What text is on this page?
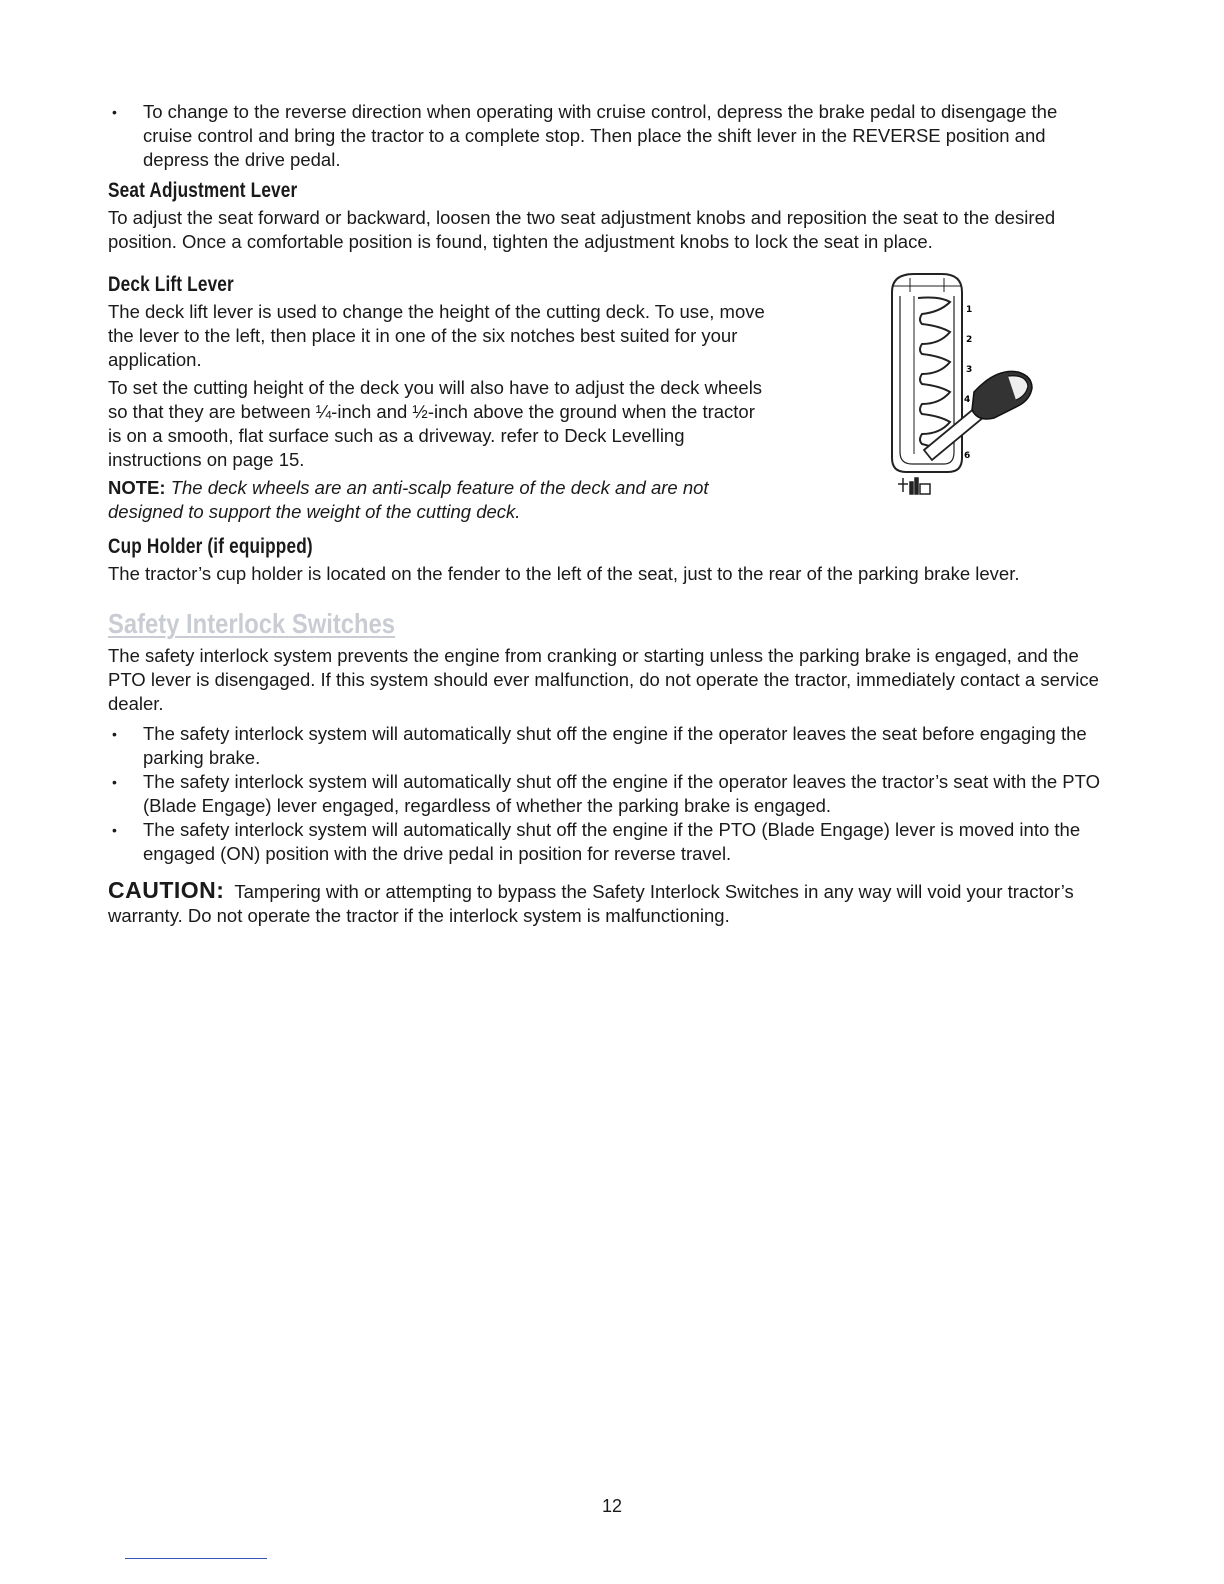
• To change to the reverse direction when operating with cruise control, depress the brake pedal to disengage the cruise control and bring the tractor to a complete stop. Then place the shift lever in the REVERSE position and depress the drive pedal.
Seat Adjustment Lever

To adjust the seat forward or backward, loosen the two seat adjustment knobs and reposition the seat to the desired position. Once a comfortable position is found, tighten the adjustment knobs to lock the seat in place.

Deck Lift Lever

The deck lift lever is used to change the height of the cutting deck. To use, move the lever to the left, then place it in one of the six notches best suited for your application.

To set the cutting height of the deck you will also have to adjust the deck wheels so that they are between ¼-inch and ½-inch above the ground when the tractor is on a smooth, flat surface such as a driveway. refer to Deck Levelling instructions on page 15.

NOTE: The deck wheels are an anti-scalp feature of the deck and are not designed to support the weight of the cutting deck.

1
2
3
4
6
Cup Holder (if equipped)

The tractor’s cup holder is located on the fender to the left of the seat, just to the rear of the parking brake lever.

Safety Interlock Switches

The safety interlock system prevents the engine from cranking or starting unless the parking brake is engaged, and the PTO lever is disengaged. If this system should ever malfunction, do not operate the tractor, immediately contact a service dealer.

• The safety interlock system will automatically shut off the engine if the operator leaves the seat before engaging the parking brake.
• The safety interlock system will automatically shut off the engine if the operator leaves the tractor’s seat with the PTO (Blade Engage) lever engaged, regardless of whether the parking brake is engaged.
• The safety interlock system will automatically shut off the engine if the PTO (Blade Engage) lever is moved into the engaged (ON) position with the drive pedal in position for reverse travel.

CAUTION: Tampering with or attempting to bypass the Safety Interlock Switches in any way will void your tractor’s warranty. Do not operate the tractor if the interlock system is malfunctioning.

12
